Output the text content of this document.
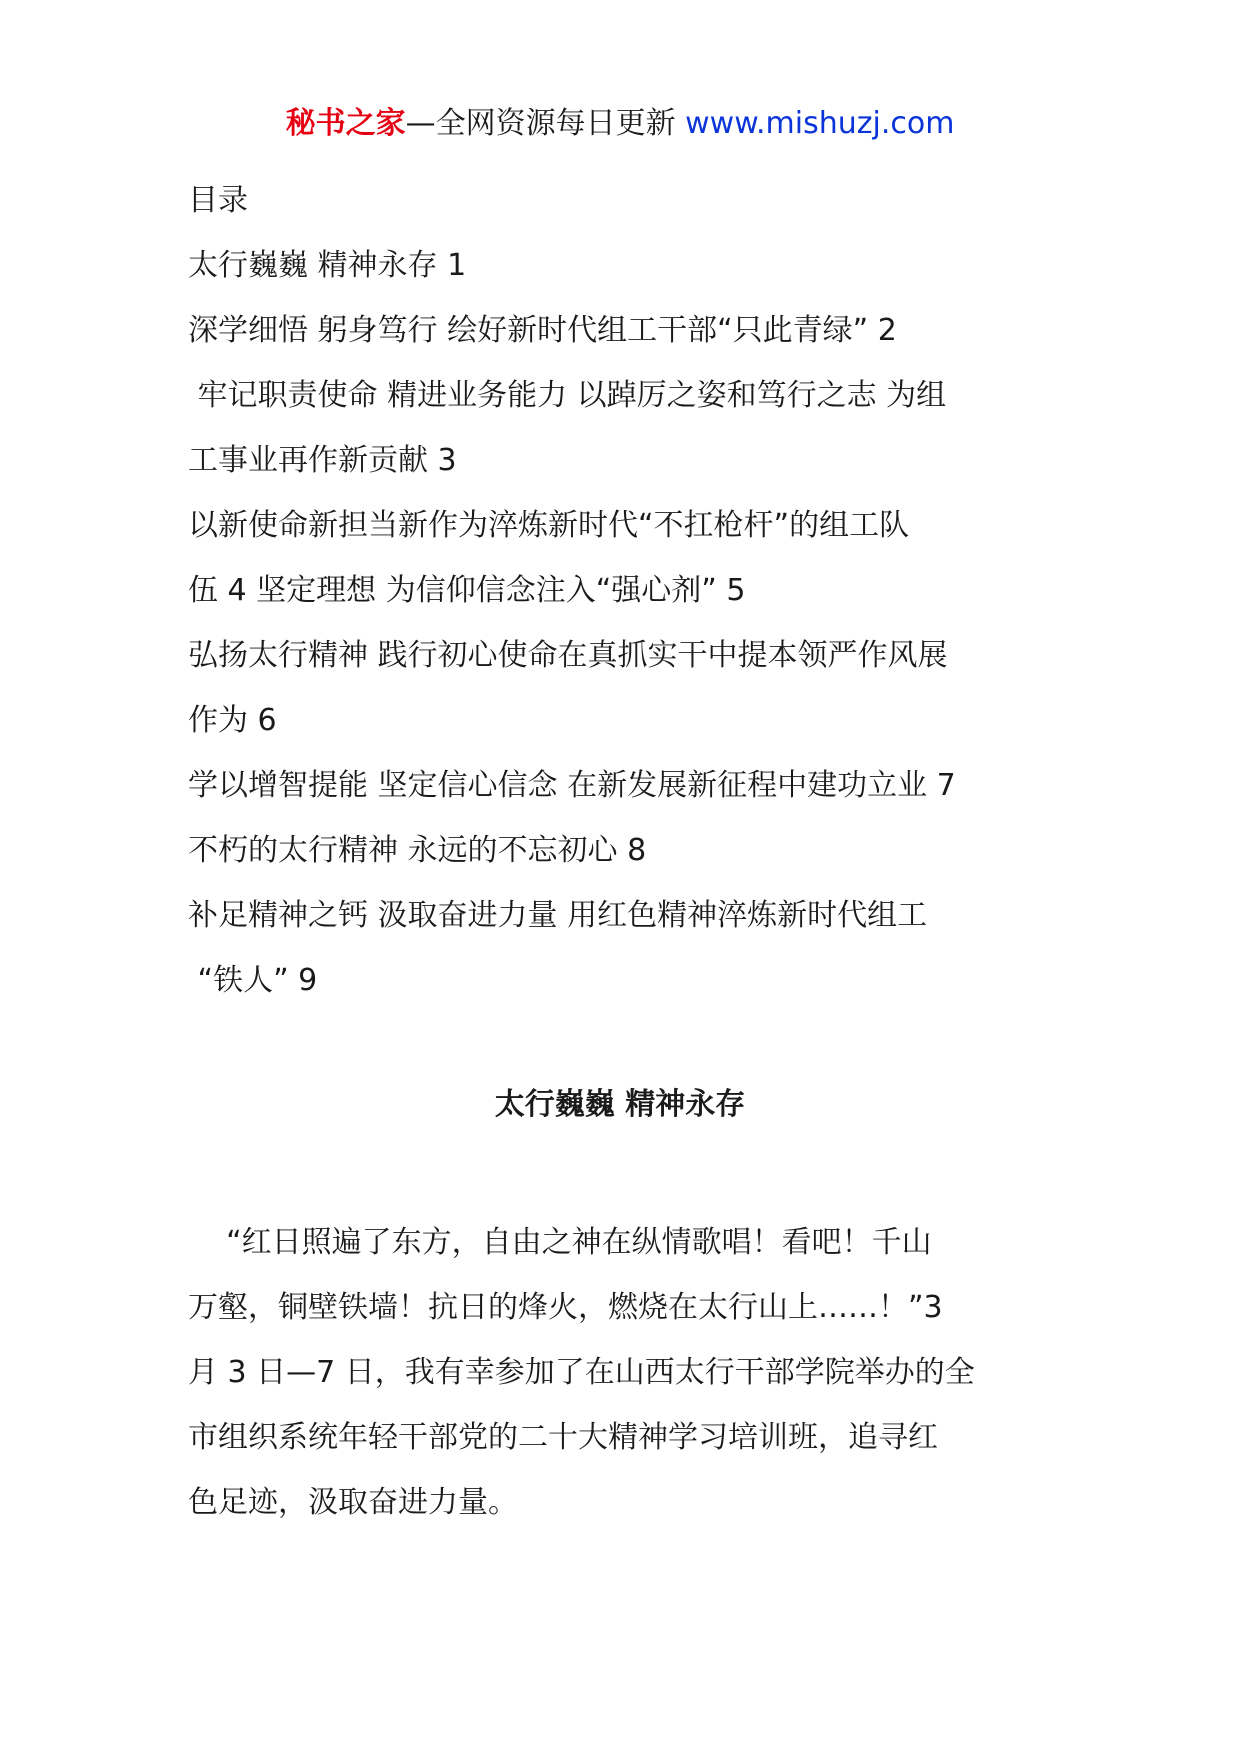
秘书之家—全网资源每日更新 www.mishuzj.com

目录

太行巍巍 精神永存 1

深学细悟 躬身笃行 绘好新时代组工干部“只此青绿” 2

牢记职责使命 精进业务能力 以踔厉之姿和笃行之志 为组

工事业再作新贡献 3

以新使命新担当新作为淬炼新时代“不扛枪杆”的组工队

伍 4 坚定理想 为信仰信念注入“强心剂” 5

弘扬太行精神 践行初心使命在真抓实干中提本领严作风展

作为 6

学以增智提能 坚定信心信念 在新发展新征程中建功立业 7

不朽的太行精神 永远的不忘初心 8

补足精神之钙 汲取奋进力量 用红色精神淬炼新时代组工

“铁人” 9

太行巍巍 精神永存

“红日照遍了东方，自由之神在纵情歌唱！看吧！千山

万壑，铜壁铁墙！抗日的烽火，燃烧在太行山上……！”3

月 3 日—7 日，我有幸参加了在山西太行干部学院举办的全

市组织系统年轻干部党的二十大精神学习培训班，追寻红

色足迹，汲取奋进力量。
